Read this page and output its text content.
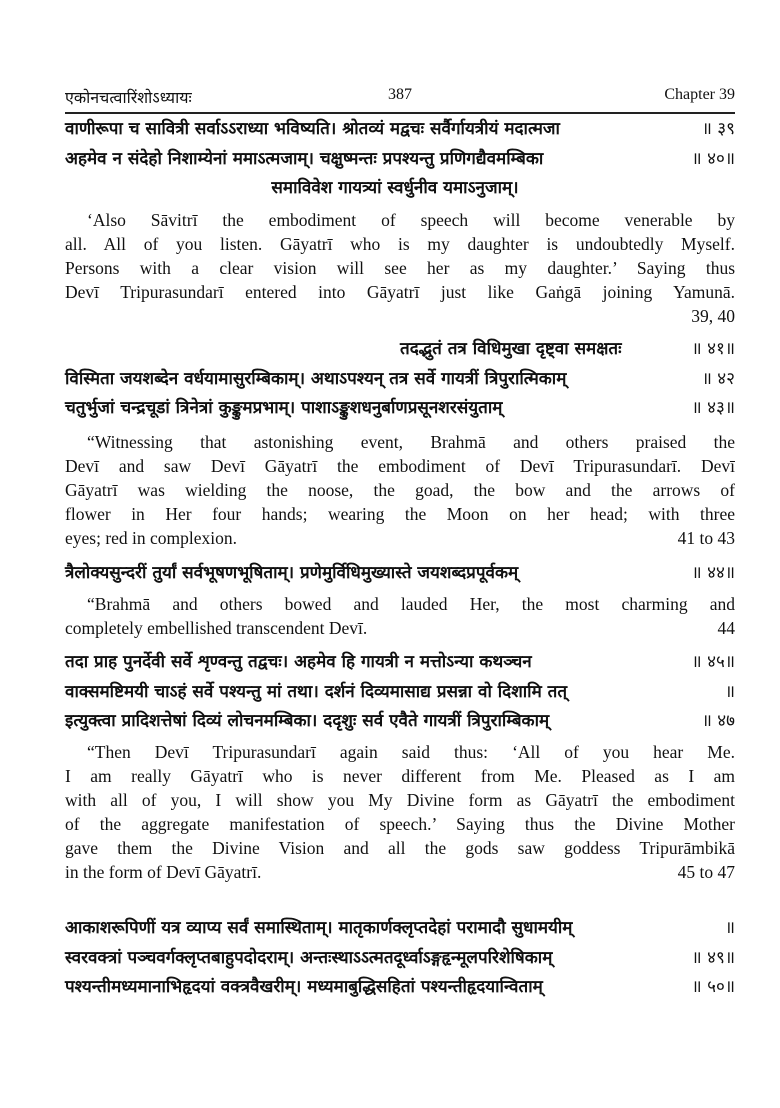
एकोनचत्वारिंशोऽध्यायः	387	Chapter 39
वाणीरूपा च सावित्री सर्वाऽऽराध्या भविष्यति। श्रोतव्यं मद्वचः सर्वैर्गायत्रीयं मदात्मजा	॥ ३९
अहमेव न संदेहो निशाम्येनां ममाऽत्मजाम्। चक्षुष्मन्तः प्रपश्यन्तु प्रणिगद्यैवमम्बिका	॥ ४०॥
समाविवेश गायत्र्यां स्वर्धुनीव यमाऽनुजाम्।
‘Also Sāvitrī the embodiment of speech will become venerable by
all. All of you listen. Gāyatrī who is my daughter is undoubtedly Myself.
Persons with a clear vision will see her as my daughter.’ Saying thus
Devī Tripurasundarī entered into Gāyatrī just like Gaṅgā joining Yamunā.
39, 40
तदद्भुतं तत्र विधिमुखा दृष्ट्वा समक्षतः	॥ ४१॥
विस्मिता जयशब्देन वर्धयामासुरम्बिकाम्। अथाऽपश्यन् तत्र सर्वे गायत्रीं त्रिपुरात्मिकाम्	॥ ४२
चतुर्भुजां चन्द्रचूडां त्रिनेत्रां कुङ्कुमप्रभाम्। पाशाऽङ्कुशधनुर्बाणप्रसूनशरसंयुताम्	॥ ४३॥
“Witnessing that astonishing event, Brahmā and others praised the
Devī and saw Devī Gāyatrī the embodiment of Devī Tripurasundarī. Devī
Gāyatrī was wielding the noose, the goad, the bow and the arrows of
flower in Her four hands; wearing the Moon on her head; with three
eyes; red in complexion.	41 to 43
त्रैलोक्यसुन्दरीं तुर्यां सर्वभूषणभूषिताम्। प्रणेमुर्विधिमुख्यास्ते जयशब्दप्रपूर्वकम्	॥ ४४॥
“Brahmā and others bowed and lauded Her, the most charming and
completely embellished transcendent Devī.	44
तदा प्राह पुनर्देवी सर्वे शृण्वन्तु तद्वचः। अहमेव हि गायत्री न मत्तोऽन्या कथञ्चन	॥ ४५॥
वाक्समष्टिमयी चाऽहं सर्वे पश्यन्तु मां तथा। दर्शनं दिव्यमासाद्य प्रसन्ना वो दिशामि तत्	॥
इत्युक्त्वा प्रादिशत्तेषां दिव्यं लोचनमम्बिका। ददृशुः सर्व एवैते गायत्रीं त्रिपुराम्बिकाम्	॥ ४७
“Then Devī Tripurasundarī again said thus: ‘All of you hear Me.
I am really Gāyatrī who is never different from Me. Pleased as I am
with all of you, I will show you My Divine form as Gāyatrī the embodiment
of the aggregate manifestation of speech.’ Saying thus the Divine Mother
gave them the Divine Vision and all the gods saw goddess Tripurāmbikā
in the form of Devī Gāyatrī.	45 to 47
आकाशरूपिणीं यत्र व्याप्य सर्वं समास्थिताम्। मातृकार्णक्लृप्तदेहां परामादौ सुधामयीम्	॥
स्वरवक्त्रां पञ्चवर्गक्लृप्तबाहुपदोदराम्। अन्तःस्थाऽऽत्मतदूर्ध्वाऽङ्गहृन्मूलपरिशेषिकाम्	॥ ४९॥
पश्यन्तीमध्यमानाभिहृदयां वक्त्रवैखरीम्। मध्यमाबुद्धिसहितां पश्यन्तीहृदयान्विताम्	॥ ५०॥
